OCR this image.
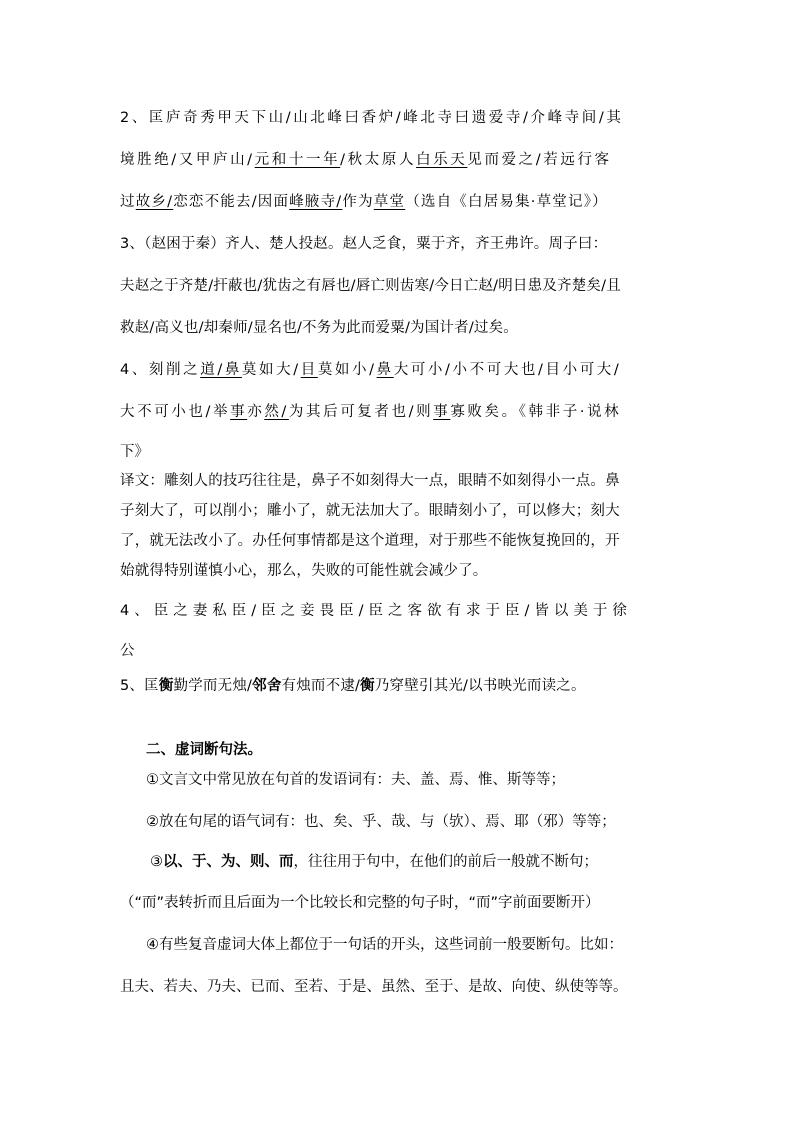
2、匡庐奇秀甲天下山/山北峰曰香炉/峰北寺曰遗爱寺/介峰寺间/其
境胜绝/又甲庐山/元和十一年/秋太原人白乐天见而爱之/若远行客
过故乡/恋恋不能去/因面峰腋寺/作为草堂（选自《白居易集·草堂记》）
3、（赵困于秦）齐人、楚人投赵。赵人乏食，粟于齐，齐王弗许。周子曰：
夫赵之于齐楚/扞蔽也/犹齿之有唇也/唇亡则齿寒/今日亡赵/明日患及齐楚矣/且
救赵/高义也/却秦师/显名也/不务为此而爱粟/为国计者/过矣。
4、刻削之道/鼻莫如大/目莫如小/鼻大可小/小不可大也/目小可大/
大不可小也/举事亦然/为其后可复者也/则事寡败矣。《韩非子·说林
下》
译文：雕刻人的技巧往往是，鼻子不如刻得大一点，眼睛不如刻得小一点。鼻
子刻大了，可以削小；雕小了，就无法加大了。眼睛刻小了，可以修大；刻大
了，就无法改小了。办任何事情都是这个道理，对于那些不能恢复挽回的，开
始就得特别谨慎小心，那么，失败的可能性就会减少了。
4、臣之妻私臣/臣之妾畏臣/臣之客欲有求于臣/皆以美于徐
公
5、匡衡勤学而无烛/邻舍有烛而不逮/衡乃穿壁引其光/以书映光而读之。
二、虚词断句法。
①文言文中常见放在句首的发语词有：夫、盖、焉、惟、斯等等；
②放在句尾的语气词有：也、矣、乎、哉、与（欤）、焉、耶（邪）等等；
③以、于、为、则、而，往往用于句中，在他们的前后一般就不断句；
（“而”表转折而且后面为一个比较长和完整的句子时，“而”字前面要断开）
④有些复音虚词大体上都位于一句话的开头，这些词前一般要断句。比如：
且夫、若夫、乃夫、已而、至若、于是、虽然、至于、是故、向使、纵使等等。
